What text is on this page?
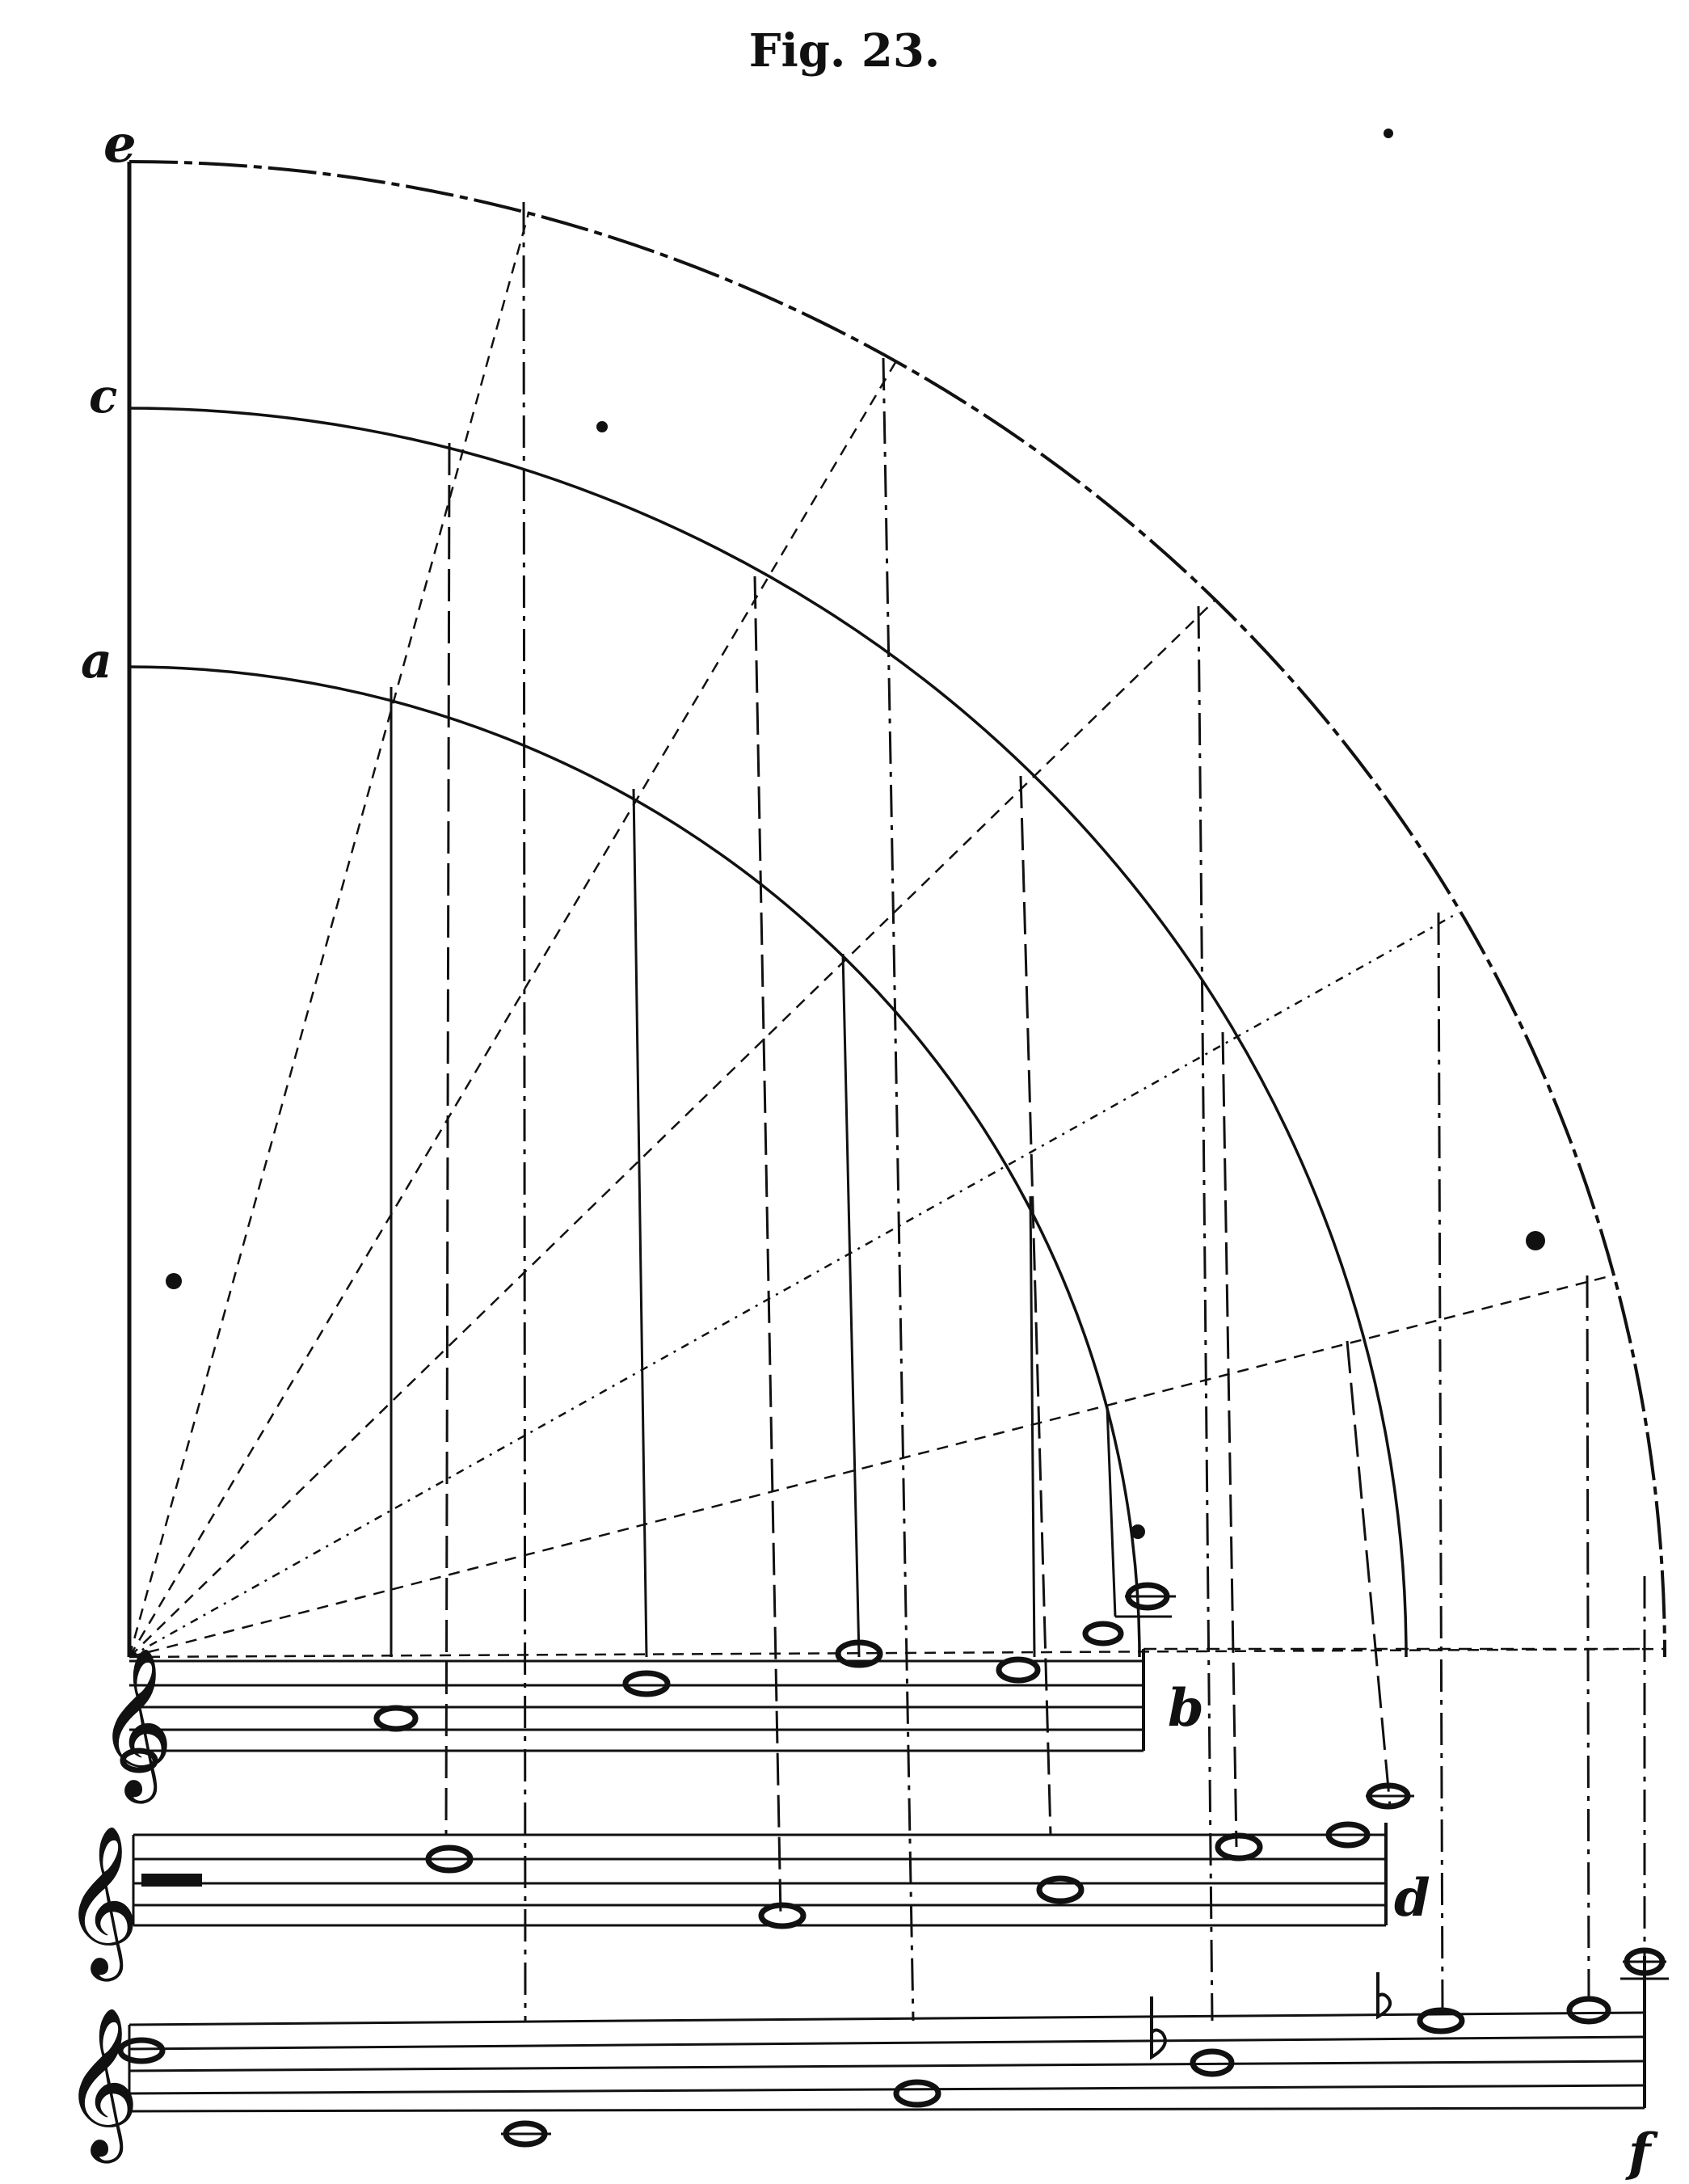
Fig. 23.
𝄞
𝄞
𝄞
e
c
a
b
d
f
